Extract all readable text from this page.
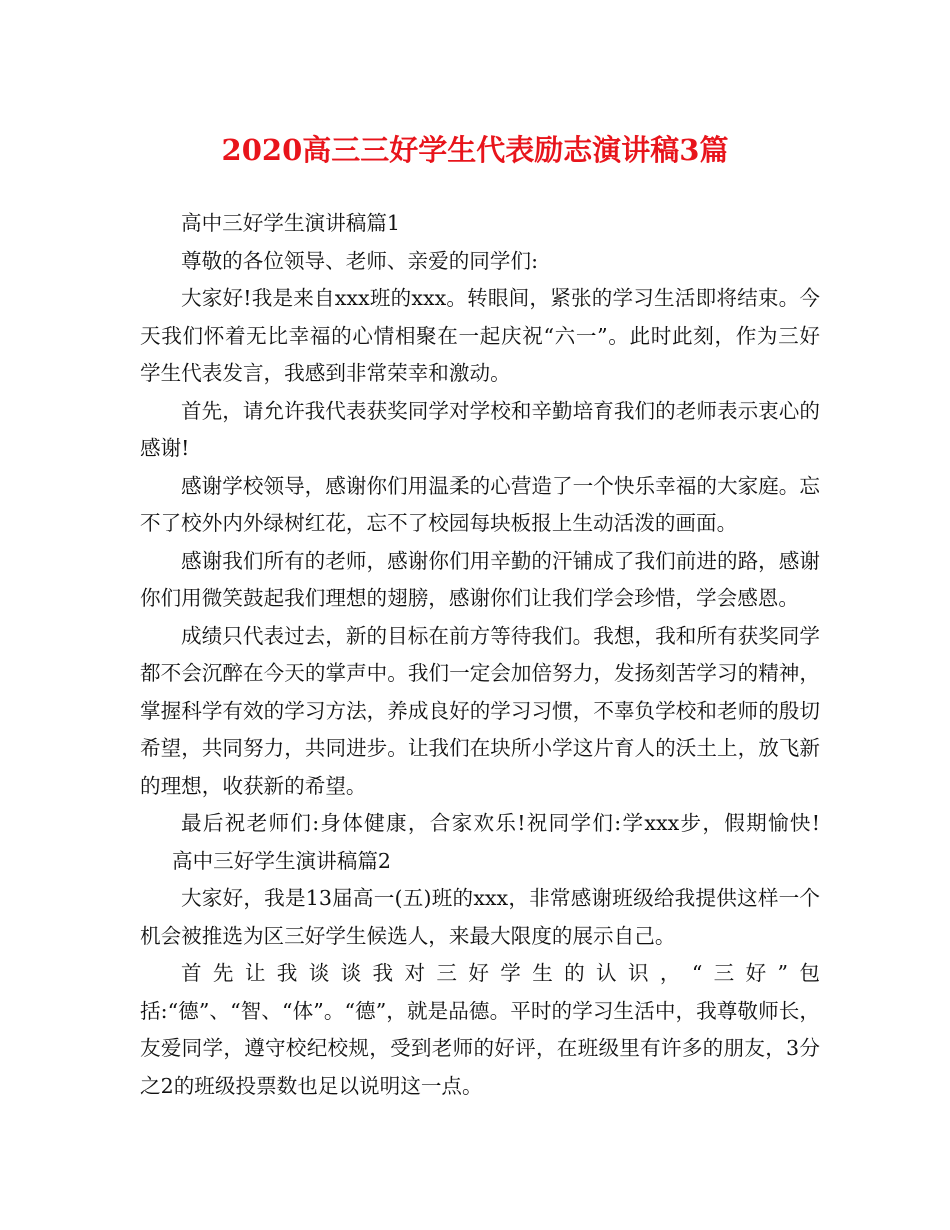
2020高三三好学生代表励志演讲稿3篇

高中三好学生演讲稿篇1

尊敬的各位领导、老师、亲爱的同学们:

大家好!我是来自xxx班的xxx。转眼间，紧张的学习生活即将结束。今天我们怀着无比幸福的心情相聚在一起庆祝“六一”。此时此刻，作为三好学生代表发言，我感到非常荣幸和激动。

首先，请允许我代表获奖同学对学校和辛勤培育我们的老师表示衷心的感谢!

感谢学校领导，感谢你们用温柔的心营造了一个快乐幸福的大家庭。忘不了校外内外绿树红花，忘不了校园每块板报上生动活泼的画面。

感谢我们所有的老师，感谢你们用辛勤的汗铺成了我们前进的路，感谢你们用微笑鼓起我们理想的翅膀，感谢你们让我们学会珍惜，学会感恩。

成绩只代表过去，新的目标在前方等待我们。我想，我和所有获奖同学都不会沉醉在今天的掌声中。我们一定会加倍努力，发扬刻苦学习的精神，掌握科学有效的学习方法，养成良好的学习习惯，不辜负学校和老师的殷切希望，共同努力，共同进步。让我们在块所小学这片育人的沃土上，放飞新的理想，收获新的希望。

最后祝老师们:身体健康，合家欢乐!祝同学们:学xxx步，假期愉快!高中三好学生演讲稿篇2

大家好，我是13届高一(五)班的xxx，非常感谢班级给我提供这样一个机会被推选为区三好学生候选人，来最大限度的展示自己。

首先让我谈谈我对三好学生的认识，“三好”包括:“德”、“智、“体”。“德”，就是品德。平时的学习生活中，我尊敬师长，友爱同学，遵守校纪校规，受到老师的好评，在班级里有许多的朋友，3分之2的班级投票数也足以说明这一点。
